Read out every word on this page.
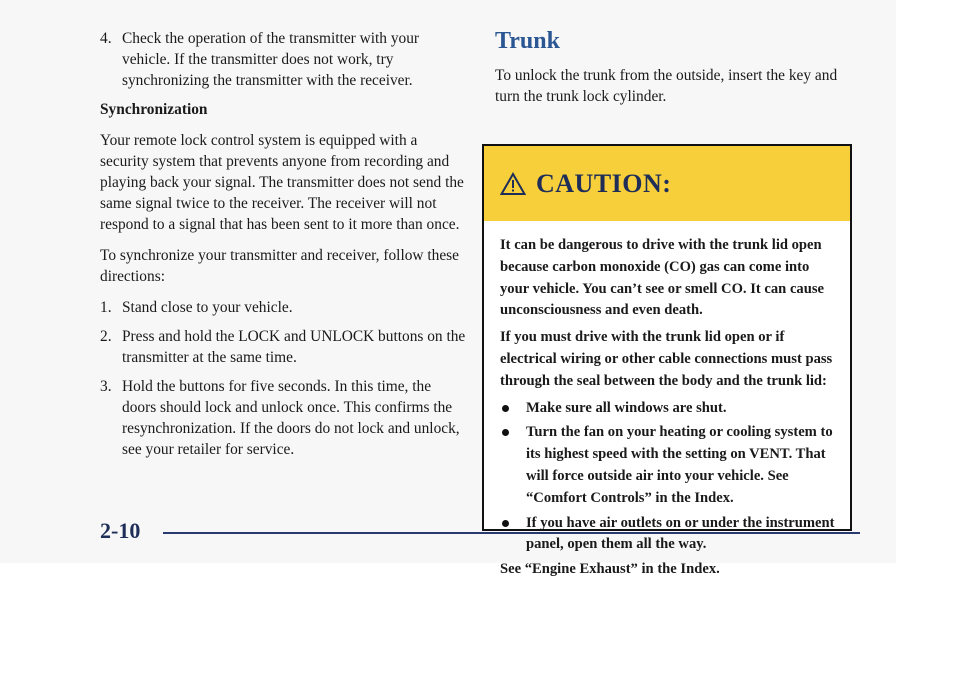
4. Check the operation of the transmitter with your vehicle. If the transmitter does not work, try synchronizing the transmitter with the receiver.
Synchronization

Your remote lock control system is equipped with a security system that prevents anyone from recording and playing back your signal. The transmitter does not send the same signal twice to the receiver. The receiver will not respond to a signal that has been sent to it more than once.

To synchronize your transmitter and receiver, follow these directions:

1. Stand close to your vehicle.
2. Press and hold the LOCK and UNLOCK buttons on the transmitter at the same time.
3. Hold the buttons for five seconds. In this time, the doors should lock and unlock once. This confirms the resynchronization. If the doors do not lock and unlock, see your retailer for service.
Trunk

To unlock the trunk from the outside, insert the key and turn the trunk lock cylinder.

CAUTION:

It can be dangerous to drive with the trunk lid open because carbon monoxide (CO) gas can come into your vehicle. You can’t see or smell CO. It can cause unconsciousness and even death.

If you must drive with the trunk lid open or if electrical wiring or other cable connections must pass through the seal between the body and the trunk lid:

Make sure all windows are shut.
Turn the fan on your heating or cooling system to its highest speed with the setting on VENT. That will force outside air into your vehicle. See “Comfort Controls” in the Index.
If you have air outlets on or under the instrument panel, open them all the way.

See “Engine Exhaust” in the Index.

2-10
